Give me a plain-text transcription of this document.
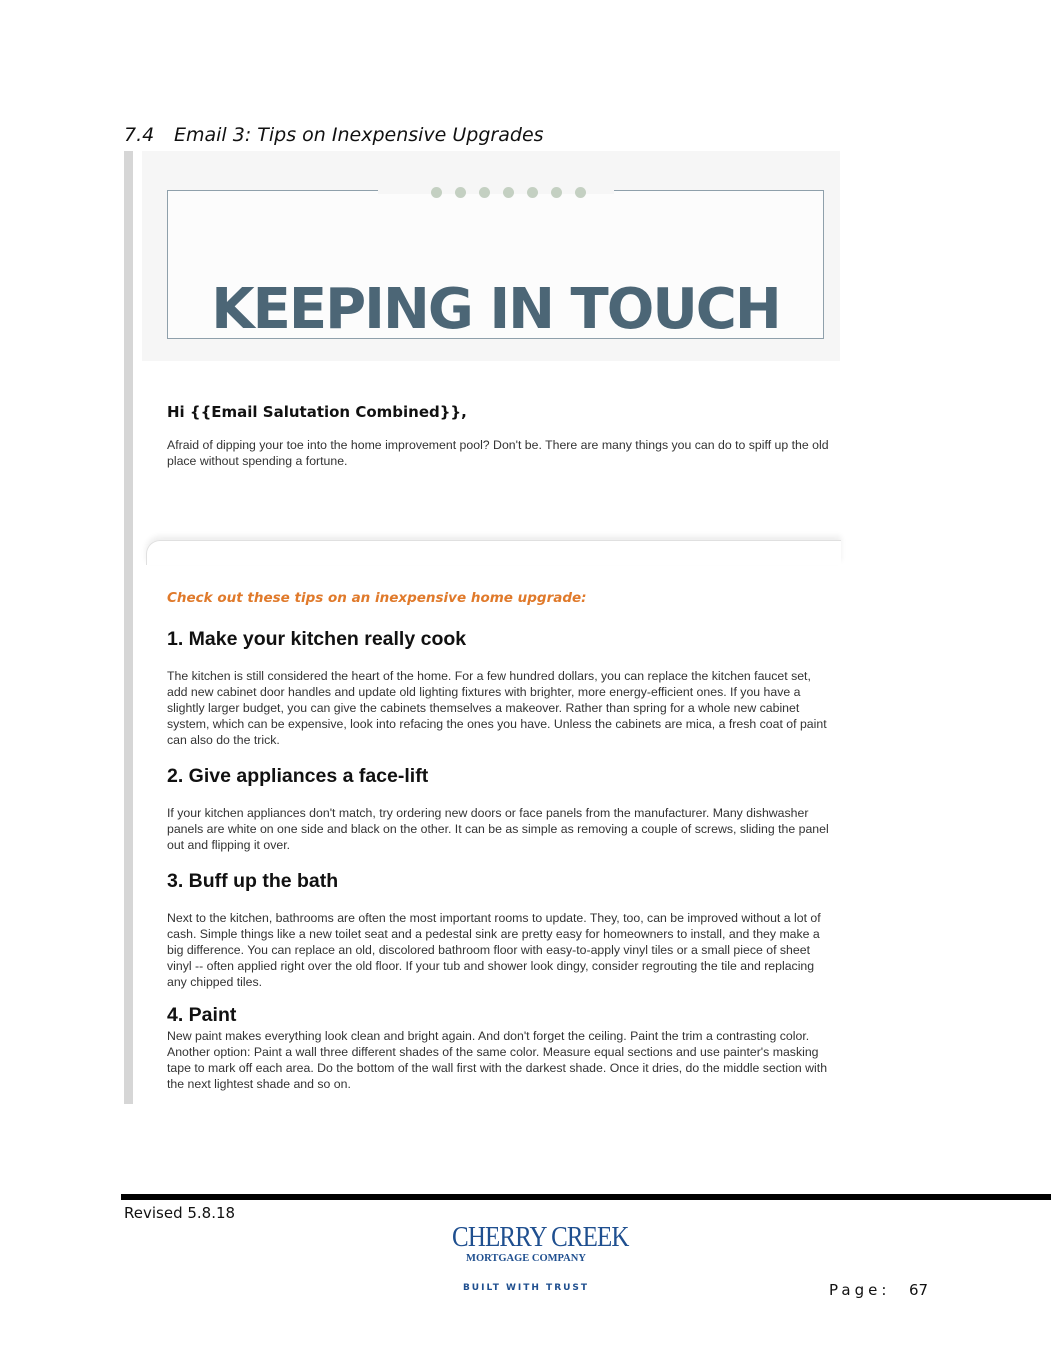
7.4 Email 3: Tips on Inexpensive Upgrades
KEEPING IN TOUCH
Hi {{Email Salutation Combined}},
Afraid of dipping your toe into the home improvement pool? Don't be. There are many things you can do to spiff up the old place without spending a fortune.
Check out these tips on an inexpensive home upgrade:
1. Make your kitchen really cook
The kitchen is still considered the heart of the home. For a few hundred dollars, you can replace the kitchen faucet set, add new cabinet door handles and update old lighting fixtures with brighter, more energy-efficient ones. If you have a slightly larger budget, you can give the cabinets themselves a makeover. Rather than spring for a whole new cabinet system, which can be expensive, look into refacing the ones you have. Unless the cabinets are mica, a fresh coat of paint can also do the trick.
2. Give appliances a face-lift
If your kitchen appliances don't match, try ordering new doors or face panels from the manufacturer. Many dishwasher panels are white on one side and black on the other. It can be as simple as removing a couple of screws, sliding the panel out and flipping it over.
3. Buff up the bath
Next to the kitchen, bathrooms are often the most important rooms to update. They, too, can be improved without a lot of cash. Simple things like a new toilet seat and a pedestal sink are pretty easy for homeowners to install, and they make a big difference. You can replace an old, discolored bathroom floor with easy-to-apply vinyl tiles or a small piece of sheet vinyl -- often applied right over the old floor. If your tub and shower look dingy, consider regrouting the tile and replacing any chipped tiles.
4. Paint
New paint makes everything look clean and bright again. And don't forget the ceiling. Paint the trim a contrasting color. Another option: Paint a wall three different shades of the same color. Measure equal sections and use painter's masking tape to mark off each area. Do the bottom of the wall first with the darkest shade. Once it dries, do the middle section with the next lightest shade and so on.
Revised 5.8.18
CHERRY CREEK
MORTGAGE COMPANY
BUILT WITH TRUST	Page: 67
